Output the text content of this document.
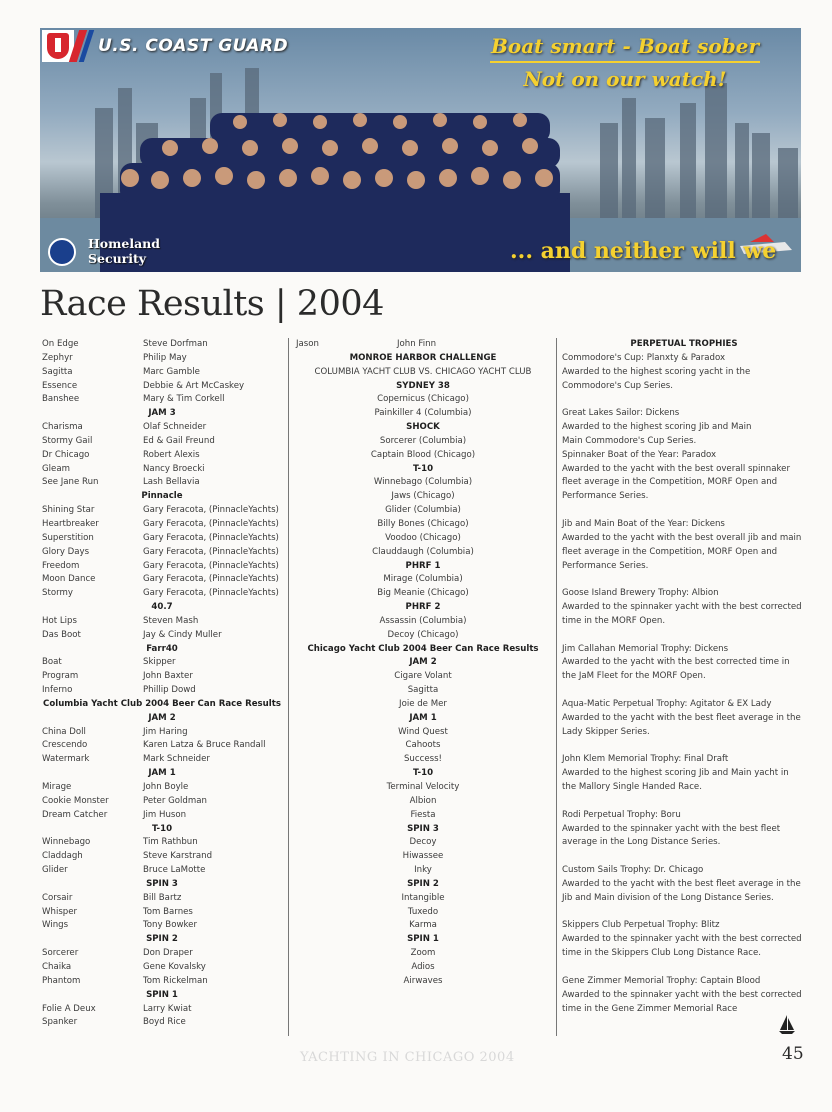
U.S. COAST GUARD	Boat smart - Boat sober
Not on our watch!
Homeland
Security	... and neither will we
Race Results | 2004
On Edge	Steve Dorfman
Zephyr	Philip May
Sagitta	Marc Gamble
Essence	Debbie & Art McCaskey
Banshee	Mary & Tim Corkell
JAM 3
Charisma	Olaf Schneider
Stormy Gail	Ed & Gail Freund
Dr Chicago	Robert Alexis
Gleam	Nancy Broecki
See Jane Run	Lash Bellavia
Pinnacle
Shining Star	Gary Feracota, (PinnacleYachts)
Heartbreaker	Gary Feracota, (PinnacleYachts)
Superstition	Gary Feracota, (PinnacleYachts)
Glory Days	Gary Feracota, (PinnacleYachts)
Freedom	Gary Feracota, (PinnacleYachts)
Moon Dance	Gary Feracota, (PinnacleYachts)
Stormy	Gary Feracota, (PinnacleYachts)
40.7
Hot Lips	Steven Mash
Das Boot	Jay & Cindy Muller
Farr40
Boat	Skipper
Program	John Baxter
Inferno	Phillip Dowd
Columbia Yacht Club 2004 Beer Can Race Results
JAM 2
China Doll	Jim Haring
Crescendo	Karen Latza & Bruce Randall
Watermark	Mark Schneider
JAM 1
Mirage	John Boyle
Cookie Monster	Peter Goldman
Dream Catcher	Jim Huson
T-10
Winnebago	Tim Rathbun
Claddagh	Steve Karstrand
Glider	Bruce LaMotte
SPIN 3
Corsair	Bill Bartz
Whisper	Tom Barnes
Wings	Tony Bowker
SPIN 2
Sorcerer	Don Draper
Chaika	Gene Kovalsky
Phantom	Tom Rickelman
SPIN 1
Folie A Deux	Larry Kwiat
Spanker	Boyd Rice
Jason	John Finn
MONROE HARBOR CHALLENGE
COLUMBIA YACHT CLUB VS. CHICAGO YACHT CLUB
SYDNEY 38
Copernicus (Chicago)
Painkiller 4 (Columbia)
SHOCK
Sorcerer (Columbia)
Captain Blood (Chicago)
T-10
Winnebago (Columbia)
Jaws (Chicago)
Glider (Columbia)
Billy Bones (Chicago)
Voodoo (Chicago)
Clauddaugh (Columbia)
PHRF 1
Mirage (Columbia)
Big Meanie (Chicago)
PHRF 2
Assassin (Columbia)
Decoy (Chicago)
Chicago Yacht Club 2004 Beer Can Race Results
JAM 2
Cigare Volant
Sagitta
Joie de Mer
JAM 1
Wind Quest
Cahoots
Success!
T-10
Terminal Velocity
Albion
Fiesta
SPIN 3
Decoy
Hiwassee
Inky
SPIN 2
Intangible
Tuxedo
Karma
SPIN 1
Zoom
Adios
Airwaves
PERPETUAL TROPHIES
Commodore's Cup: Planxty & Paradox
Awarded to the highest scoring yacht in the
Commodore's Cup Series.
Great Lakes Sailor: Dickens
Awarded to the highest scoring Jib and Main
Main Commodore's Cup Series.
Spinnaker Boat of the Year: Paradox
Awarded to the yacht with the best overall spinnaker
fleet average in the Competition, MORF Open and
Performance Series.
Jib and Main Boat of the Year: Dickens
Awarded to the yacht with the best overall jib and main
fleet average in the Competition, MORF Open and
Performance Series.
Goose Island Brewery Trophy: Albion
Awarded to the spinnaker yacht with the best corrected
time in the MORF Open.
Jim Callahan Memorial Trophy: Dickens
Awarded to the yacht with the best corrected time in
the JaM Fleet for the MORF Open.
Aqua-Matic Perpetual Trophy: Agitator & EX Lady
Awarded to the yacht with the best fleet average in the
Lady Skipper Series.
John Klem Memorial Trophy: Final Draft
Awarded to the highest scoring Jib and Main yacht in
the Mallory Single Handed Race.
Rodi Perpetual Trophy: Boru
Awarded to the spinnaker yacht with the best fleet
average in the Long Distance Series.
Custom Sails Trophy: Dr. Chicago
Awarded to the yacht with the best fleet average in the
Jib and Main division of the Long Distance Series.
Skippers Club Perpetual Trophy: Blitz
Awarded to the spinnaker yacht with the best corrected
time in the Skippers Club Long Distance Race.
Gene Zimmer Memorial Trophy: Captain Blood
Awarded to the spinnaker yacht with the best corrected
time in the Gene Zimmer Memorial Race
YACHTING IN CHICAGO 2004	45
